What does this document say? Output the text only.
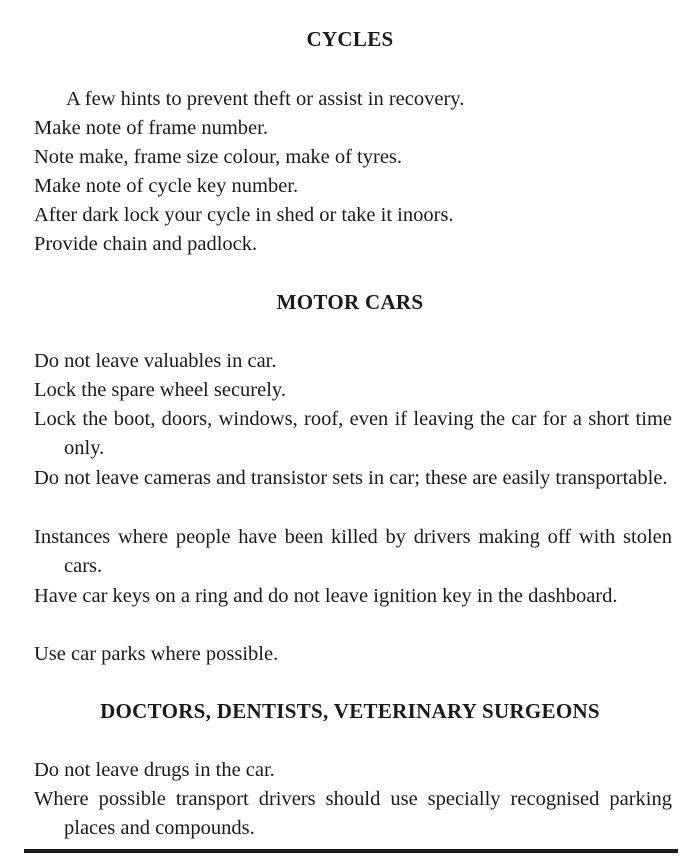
CYCLES
A few hints to prevent theft or assist in recovery.
Make note of frame number.
Note make, frame size colour, make of tyres.
Make note of cycle key number.
After dark lock your cycle in shed or take it inoors.
Provide chain and padlock.
MOTOR CARS
Do not leave valuables in car.
Lock the spare wheel securely.
Lock the boot, doors, windows, roof, even if leaving the car for a short time only.
Do not leave cameras and transistor sets in car; these are easily transportable.
Instances where people have been killed by drivers making off with stolen cars.
Have car keys on a ring and do not leave ignition key in the dashboard.
Use car parks where possible.
DOCTORS, DENTISTS, VETERINARY SURGEONS
Do not leave drugs in the car.
Where possible transport drivers should use specially recognised parking places and compounds.
